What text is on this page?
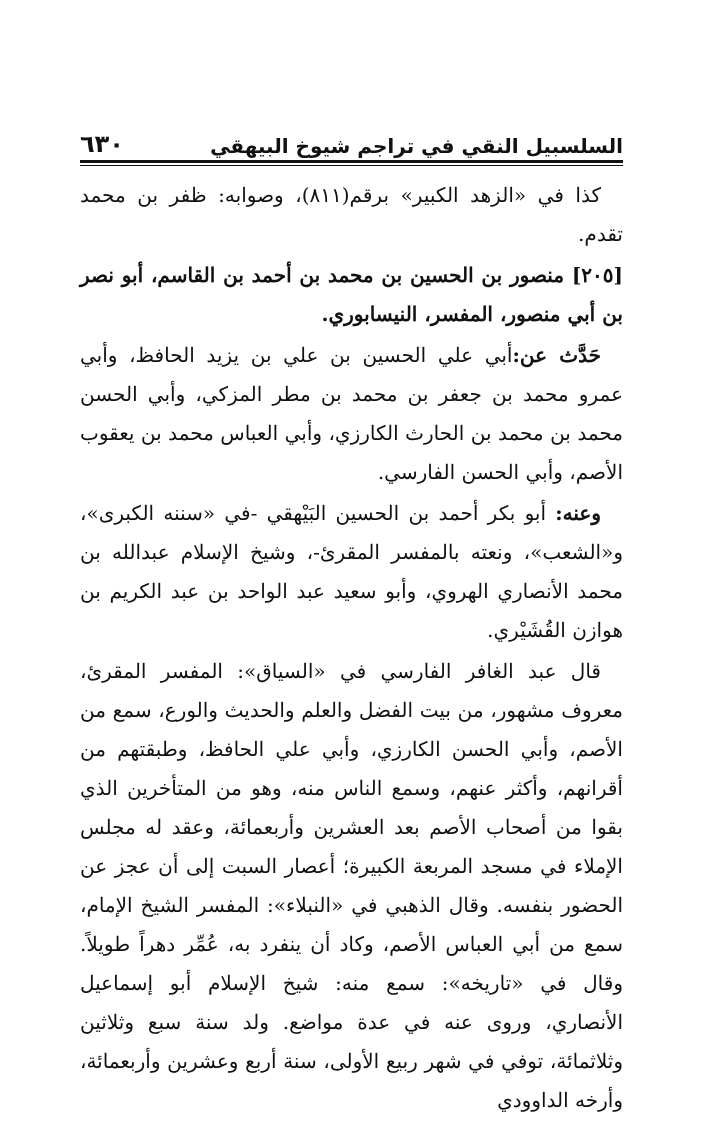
٦٣٠	السلسبيل النقي في تراجم شيوخ البيهقي

كذا في «الزهد الكبير» برقم(٨١١)، وصوابه: ظفر بن محمد تقدم.

[٢٠٥] منصور بن الحسين بن محمد بن أحمد بن القاسم، أبو نصر بن أبي منصور، المفسر، النيسابوري.

حَدَّث عن:أبي علي الحسين بن علي بن يزيد الحافظ، وأبي عمرو محمد بن جعفر بن محمد بن مطر المزكي، وأبي الحسن محمد بن محمد بن الحارث الكارزي، وأبي العباس محمد بن يعقوب الأصم، وأبي الحسن الفارسي.

وعنه: أبو بكر أحمد بن الحسين البَيْهقي -في «سننه الكبرى»، و«الشعب»، ونعته بالمفسر المقرئ-، وشيخ الإسلام عبدالله بن محمد الأنصاري الهروي، وأبو سعيد عبد الواحد بن عبد الكريم بن هوازن القُشَيْري.

قال عبد الغافر الفارسي في «السياق»: المفسر المقرئ، معروف مشهور، من بيت الفضل والعلم والحديث والورع، سمع من الأصم، وأبي الحسن الكارزي، وأبي علي الحافظ، وطبقتهم من أقرانهم، وأكثر عنهم، وسمع الناس منه، وهو من المتأخرين الذي بقوا من أصحاب الأصم بعد العشرين وأربعمائة، وعقد له مجلس الإملاء في مسجد المربعة الكبيرة؛ أعصار السبت إلى أن عجز عن الحضور بنفسه. وقال الذهبي في «النبلاء»: المفسر الشيخ الإمام، سمع من أبي العباس الأصم، وكاد أن ينفرد به، عُمِّر دهراً طويلاً. وقال في «تاريخه»: سمع منه: شيخ الإسلام أبو إسماعيل الأنصاري، وروى عنه في عدة مواضع. ولد سنة سبع وثلاثين وثلاثمائة، توفي في شهر ربيع الأولى، سنة أربع وعشرين وأربعمائة، وأرخه الداوودي
